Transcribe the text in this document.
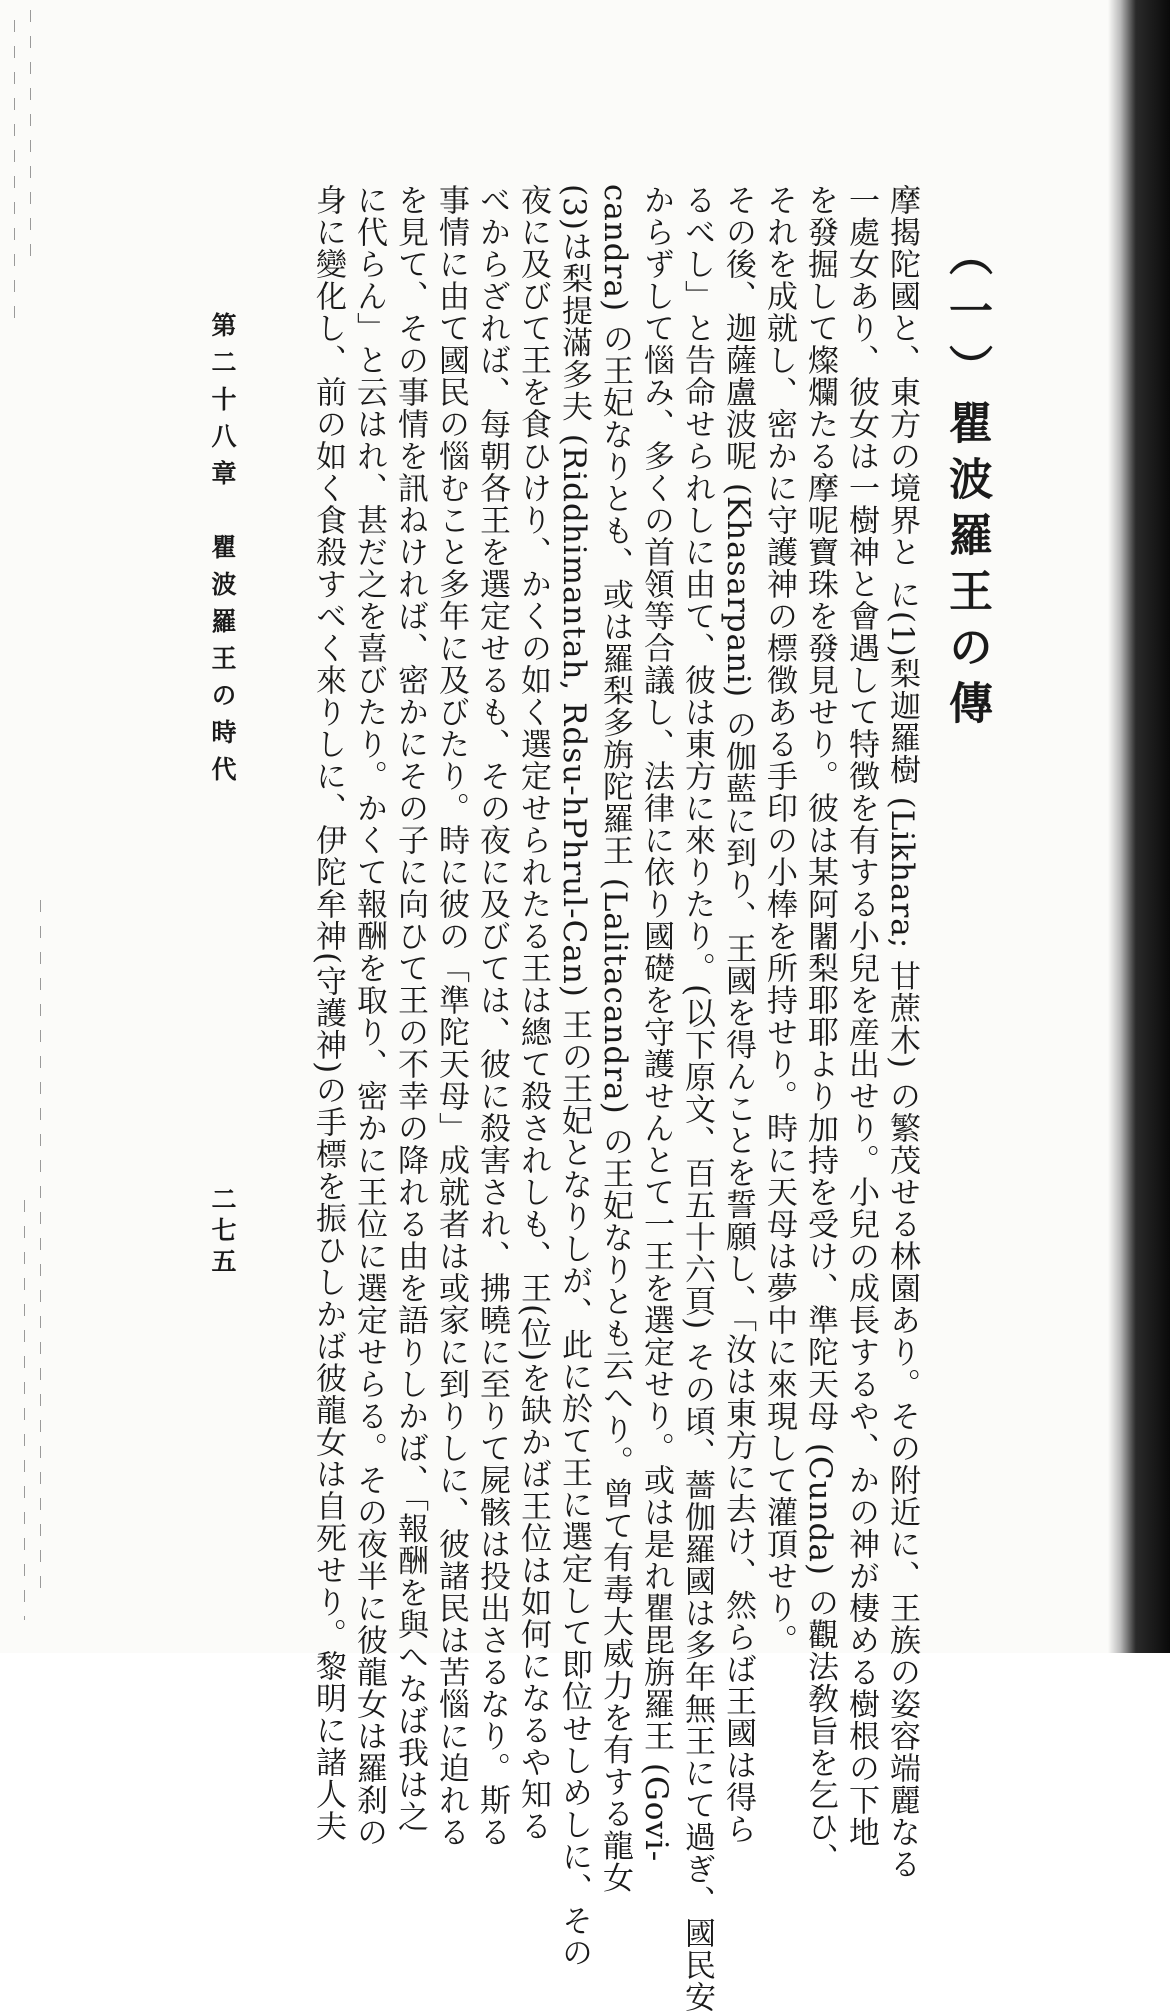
（一）瞿波羅王の傳

摩揭陀國と、東方の境界と に(1)梨迦羅樹 (Likhara; 甘蔗木) の繁茂せる林園あり。その附近に、王族の姿容端麗なる

一處女あり、彼女は一樹神と會遇して特徴を有する小兒を産出せり。小兒の成長するや、かの神が棲める樹根の下地

を發掘して燦爛たる摩呢寶珠を發見せり。彼は某阿闍梨耶耶より加持を受け、準陀天母 (Cunda) の觀法敎旨を乞ひ、

それを成就し、密かに守護神の標徴ある手印の小棒を所持せり。時に天母は夢中に來現して灌頂せり。

その後、迦薩盧波呢 (Khasarpani) の伽藍に到り、王國を得んことを誓願し、「汝は東方に去け、然らば王國は得ら

るべし」と告命せられしに由て、彼は東方に來りたり。(以下原文、百五十六頁) その頃、薔伽羅國は多年無王にて過ぎ、國民安

からずして惱み、多くの首領等合議し、法律に依り國礎を守護せんとて一王を選定せり。或は是れ瞿毘旃羅王 (Govi-

candra) の王妃なりとも、或は羅梨多旃陀羅王 (Lalitacandra) の王妃なりとも云へり。曾て有毒大威力を有する龍女

(3)は梨提滿多夫 (Riddhimantah, Rdsu-hPhrul-Can) 王の王妃となりしが、此に於て王に選定して即位せしめしに、その

夜に及びて王を食ひけり、かくの如く選定せられたる王は總て殺されしも、王(位)を缺かば王位は如何になるや知る

べからざれば、每朝各王を選定せるも、その夜に及びては、彼に殺害され、拂曉に至りて屍骸は投出さるなり。斯る

事情に由て國民の惱むこと多年に及びたり。時に彼の「準陀天母」成就者は或家に到りしに、彼諸民は苦惱に迫れる

を見て、その事情を訊ねければ、密かにその子に向ひて王の不幸の降れる由を語りしかば、「報酬を與へなば我は之

に代らん」と云はれ、甚だ之を喜びたり。かくて報酬を取り、密かに王位に選定せらる。その夜半に彼龍女は羅刹の

身に變化し、前の如く食殺すべく來りしに、伊陀牟神(守護神)の手標を振ひしかば彼龍女は自死せり。黎明に諸人夫

第二十八章　瞿波羅王の時代
二七五
